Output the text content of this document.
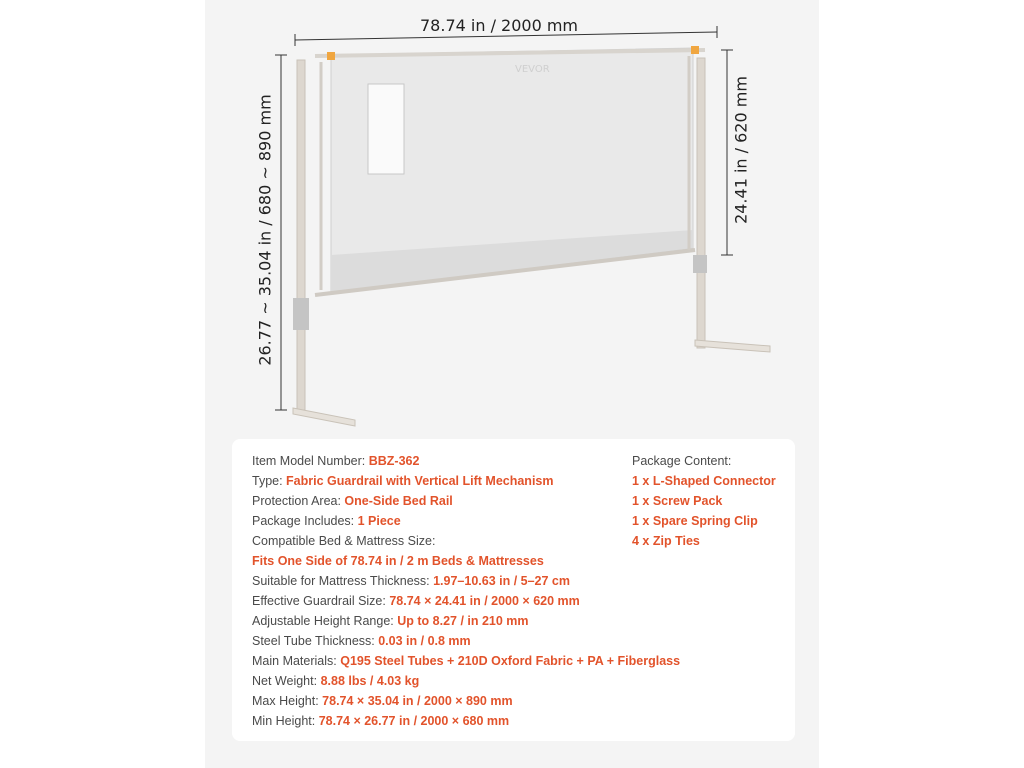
VEVOR
78.74 in / 2000 mm
26.77 ~ 35.04 in / 680 ~ 890 mm	24.41 in / 620 mm
Item Model Number: BBZ-362
Type: Fabric Guardrail with Vertical Lift Mechanism
Protection Area: One-Side Bed Rail
Package Includes: 1 Piece
Compatible Bed & Mattress Size:
Fits One Side of 78.74 in / 2 m Beds & Mattresses
Suitable for Mattress Thickness: 1.97–10.63 in / 5–27 cm
Effective Guardrail Size: 78.74 × 24.41 in / 2000 × 620 mm
Adjustable Height Range: Up to 8.27 / in 210 mm
Steel Tube Thickness: 0.03 in / 0.8 mm
Main Materials: Q195 Steel Tubes + 210D Oxford Fabric + PA + Fiberglass
Net Weight: 8.88 lbs / 4.03 kg
Max Height: 78.74 × 35.04 in / 2000 × 890 mm
Min Height: 78.74 × 26.77 in / 2000 × 680 mm
Package Content:
1 x L-Shaped Connector
1 x Screw Pack
1 x Spare Spring Clip
4 x Zip Ties
